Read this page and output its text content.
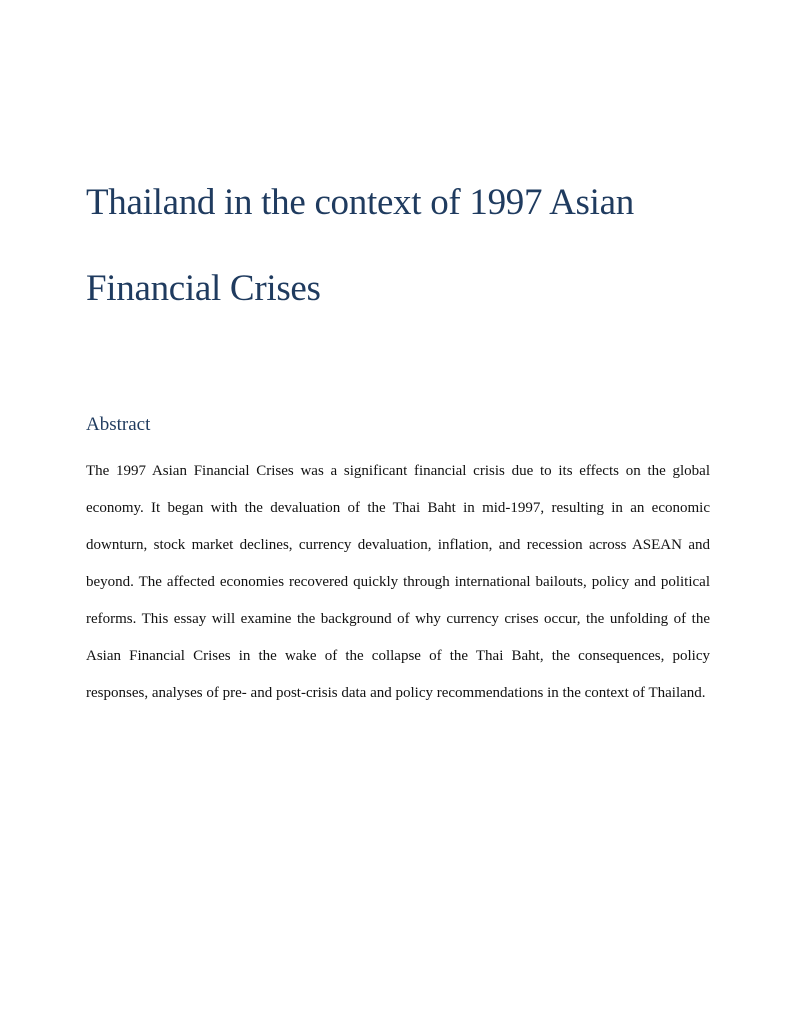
Thailand in the context of 1997 Asian Financial Crises
Abstract

The 1997 Asian Financial Crises was a significant financial crisis due to its effects on the global economy. It began with the devaluation of the Thai Baht in mid-1997, resulting in an economic downturn, stock market declines, currency devaluation, inflation, and recession across ASEAN and beyond. The affected economies recovered quickly through international bailouts, policy and political reforms. This essay will examine the background of why currency crises occur, the unfolding of the Asian Financial Crises in the wake of the collapse of the Thai Baht, the consequences, policy responses, analyses of pre- and post-crisis data and policy recommendations in the context of Thailand.
